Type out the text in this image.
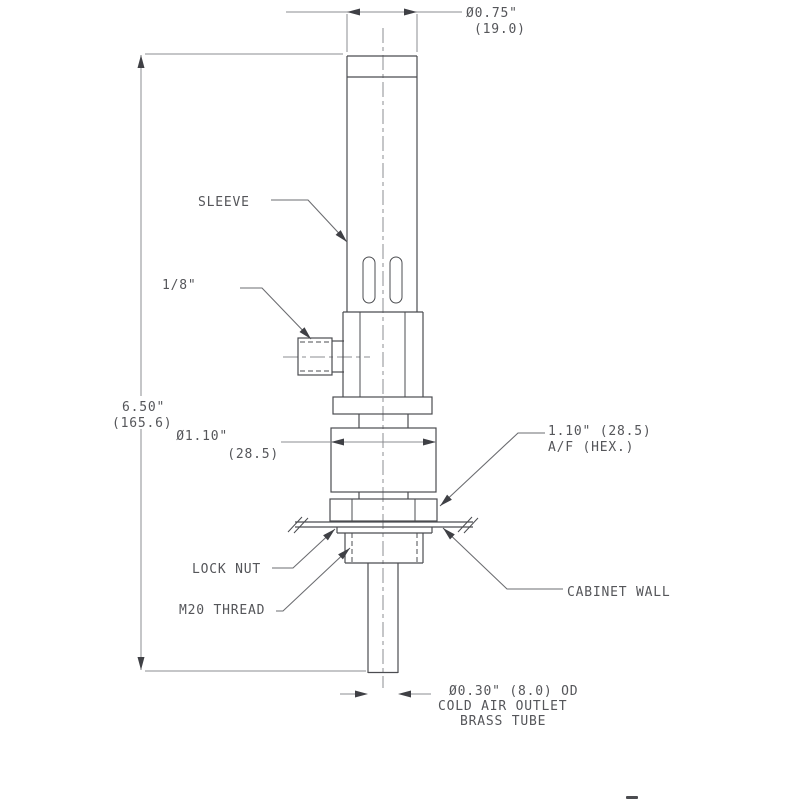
Ø0.75"
(19.0)
6.50"
(165.6)
Ø1.10"
(28.5)
Ø0.30" (8.0) OD
COLD AIR OUTLET
BRASS TUBE
SLEEVE
1/8"
1.10" (28.5)
A/F (HEX.)
LOCK NUT
M20 THREAD
CABINET WALL
